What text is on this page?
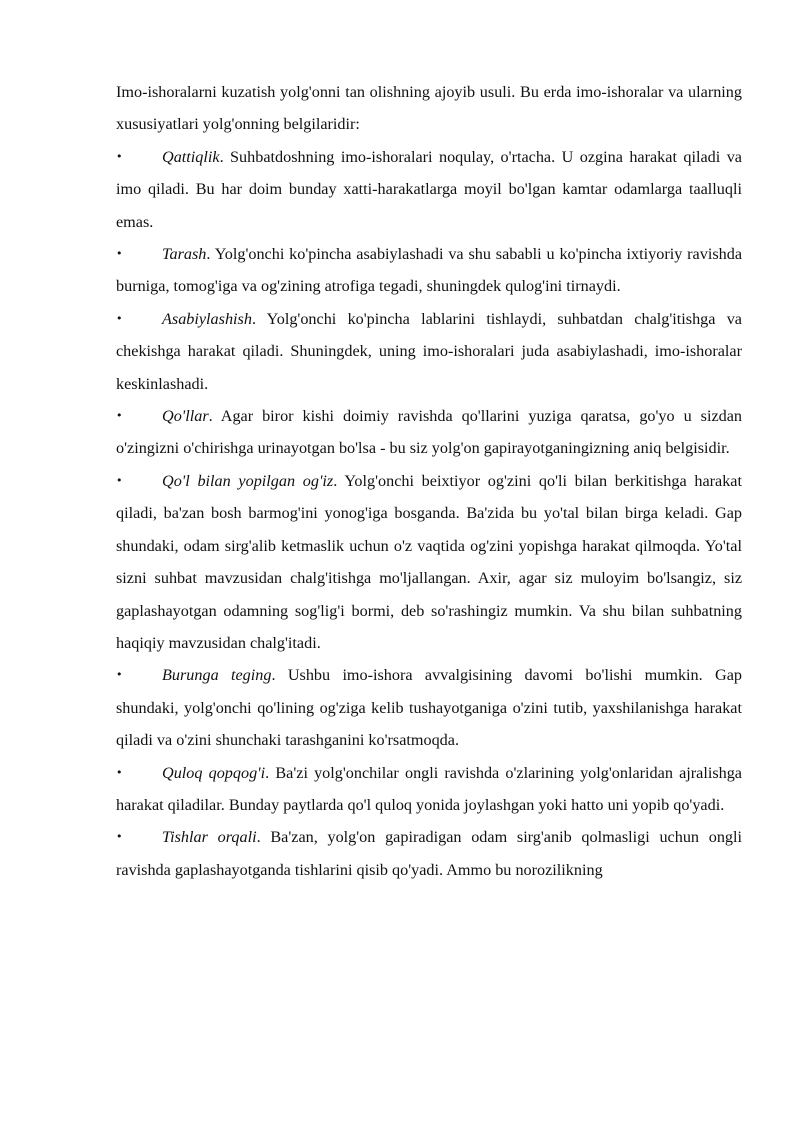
Imo-ishoralarni kuzatish yolg'onni tan olishning ajoyib usuli. Bu erda imo-ishoralar va ularning xususiyatlari yolg'onning belgilaridir:

• Qattiqlik. Suhbatdoshning imo-ishoralari noqulay, o'rtacha. U ozgina harakat qiladi va imo qiladi. Bu har doim bunday xatti-harakatlarga moyil bo'lgan kamtar odamlarga taalluqli emas.

• Tarash. Yolg'onchi ko'pincha asabiylashadi va shu sababli u ko'pincha ixtiyoriy ravishda burniga, tomog'iga va og'zining atrofiga tegadi, shuningdek qulog'ini tirnaydi.

• Asabiylashish. Yolg'onchi ko'pincha lablarini tishlaydi, suhbatdan chalg'itishga va chekishga harakat qiladi. Shuningdek, uning imo-ishoralari juda asabiylashadi, imo-ishoralar keskinlashadi.

• Qo'llar. Agar biror kishi doimiy ravishda qo'llarini yuziga qaratsa, go'yo u sizdan o'zingizni o'chirishga urinayotgan bo'lsa - bu siz yolg'on gapirayotganingizning aniq belgisidir.

• Qo'l bilan yopilgan og'iz. Yolg'onchi beixtiyor og'zini qo'li bilan berkitishga harakat qiladi, ba'zan bosh barmog'ini yonog'iga bosganda. Ba'zida bu yo'tal bilan birga keladi. Gap shundaki, odam sirg'alib ketmaslik uchun o'z vaqtida og'zini yopishga harakat qilmoqda. Yo'tal sizni suhbat mavzusidan chalg'itishga mo'ljallangan. Axir, agar siz muloyim bo'lsangiz, siz gaplashayotgan odamning sog'lig'i bormi, deb so'rashingiz mumkin. Va shu bilan suhbatning haqiqiy mavzusidan chalg'itadi.

• Burunga teging. Ushbu imo-ishora avvalgisining davomi bo'lishi mumkin. Gap shundaki, yolg'onchi qo'lining og'ziga kelib tushayotganiga o'zini tutib, yaxshilanishga harakat qiladi va o'zini shunchaki tarashganini ko'rsatmoqda.

• Quloq qopqog'i. Ba'zi yolg'onchilar ongli ravishda o'zlarining yolg'onlaridan ajralishga harakat qiladilar. Bunday paytlarda qo'l quloq yonida joylashgan yoki hatto uni yopib qo'yadi.

• Tishlar orqali. Ba'zan, yolg'on gapiradigan odam sirg'anib qolmasligi uchun ongli ravishda gaplashayotganda tishlarini qisib qo'yadi. Ammo bu norozilikning
